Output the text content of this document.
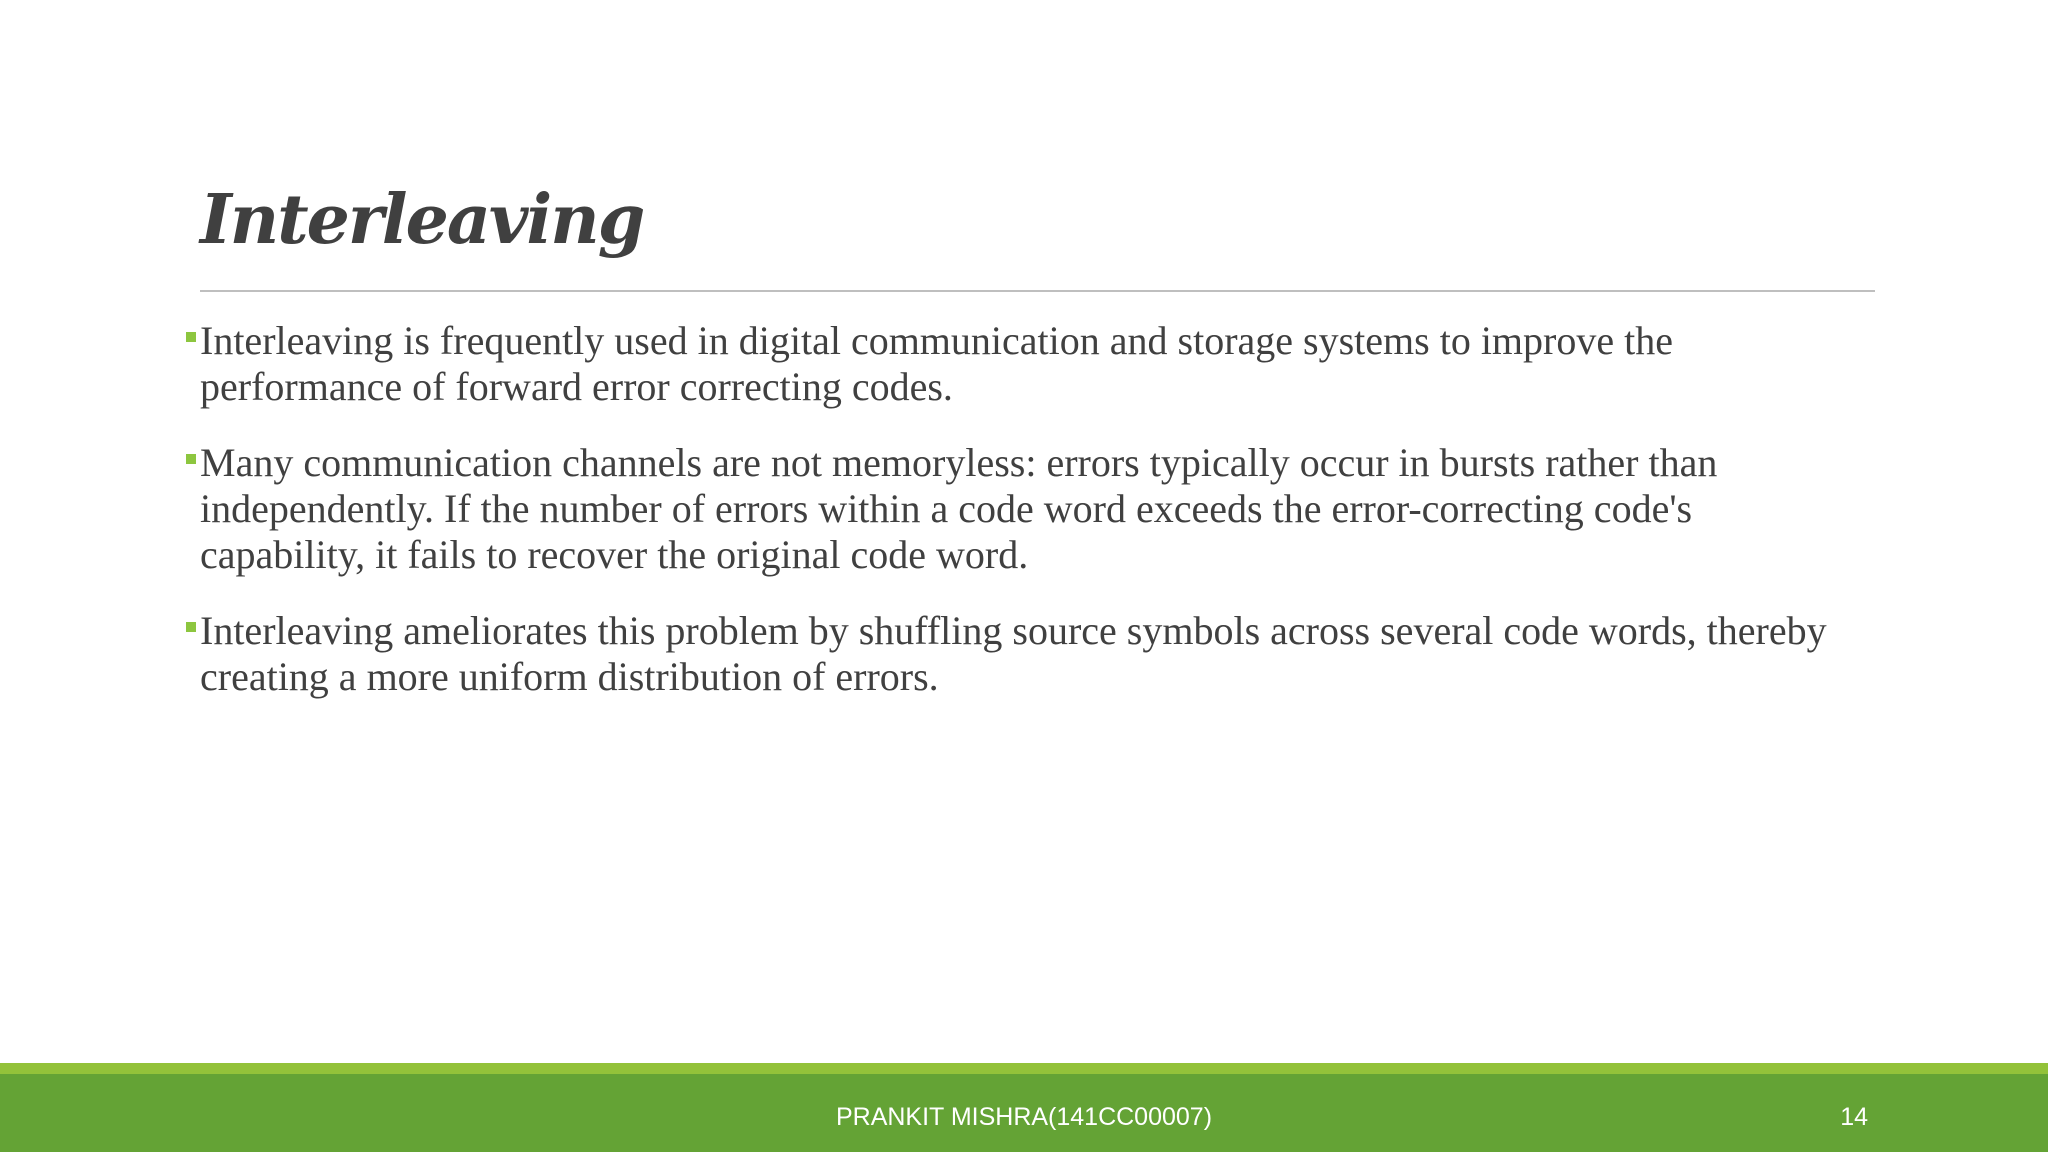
Interleaving
Interleaving is frequently used in digital communication and storage systems to improve the performance of forward error correcting codes.
Many communication channels are not memoryless: errors typically occur in bursts rather than independently. If the number of errors within a code word exceeds the error-correcting code's capability, it fails to recover the original code word.
Interleaving ameliorates this problem by shuffling source symbols across several code words, thereby creating a more uniform distribution of errors.
PRANKIT MISHRA(141CC00007)	14
